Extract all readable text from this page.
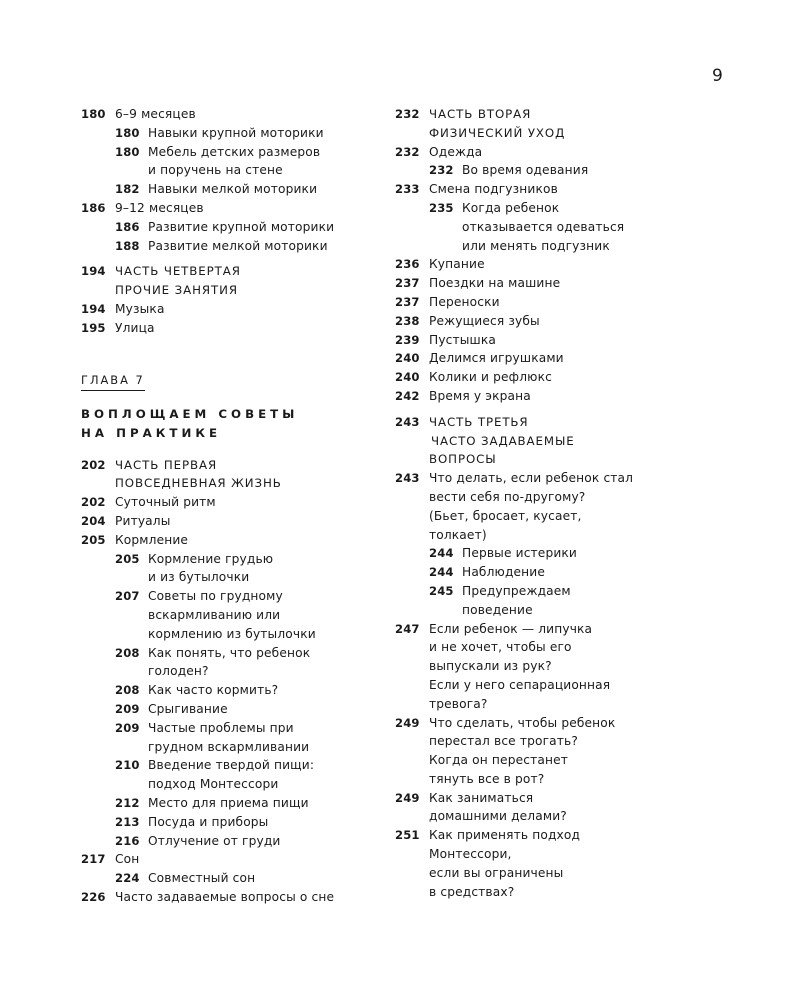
9
180 6–9 месяцев
180 Навыки крупной моторики
180 Мебель детских размеров
и поручень на стене
182 Навыки мелкой моторики
186 9–12 месяцев
186 Развитие крупной моторики
188 Развитие мелкой моторики
194 ЧАСТЬ ЧЕТВЕРТАЯ
ПРОЧИЕ ЗАНЯТИЯ
194 Музыка
195 Улица
ГЛАВА 7
ВОПЛОЩАЕМ СОВЕТЫ
НА ПРАКТИКЕ
202 ЧАСТЬ ПЕРВАЯ
ПОВСЕДНЕВНАЯ ЖИЗНЬ
202 Суточный ритм
204 Ритуалы
205 Кормление
205 Кормление грудью
и из бутылочки
207 Советы по грудному
вскармливанию или
кормлению из бутылочки
208 Как понять, что ребенок
голоден?
208 Как часто кормить?
209 Срыгивание
209 Частые проблемы при
грудном вскармливании
210 Введение твердой пищи:
подход Монтессори
212 Место для приема пищи
213 Посуда и приборы
216 Отлучение от груди
217 Сон
224 Совместный сон
226 Часто задаваемые вопросы о сне
232 ЧАСТЬ ВТОРАЯ
ФИЗИЧЕСКИЙ УХОД
232 Одежда
232 Во время одевания
233 Смена подгузников
235 Когда ребенок
отказывается одеваться
или менять подгузник
236 Купание
237 Поездки на машине
237 Переноски
238 Режущиеся зубы
239 Пустышка
240 Делимся игрушками
240 Колики и рефлюкс
242 Время у экрана
243 ЧАСТЬ ТРЕТЬЯ
ЧАСТО ЗАДАВАЕМЫЕ
ВОПРОСЫ
243 Что делать, если ребенок стал
вести себя по-другому?
(Бьет, бросает, кусает,
толкает)
244 Первые истерики
244 Наблюдение
245 Предупреждаем
поведение
247 Если ребенок — липучка
и не хочет, чтобы его
выпускали из рук?
Если у него сепарационная
тревога?
249 Что сделать, чтобы ребенок
перестал все трогать?
Когда он перестанет
тянуть все в рот?
249 Как заниматься
домашними делами?
251 Как применять подход
Монтессори,
если вы ограничены
в средствах?
